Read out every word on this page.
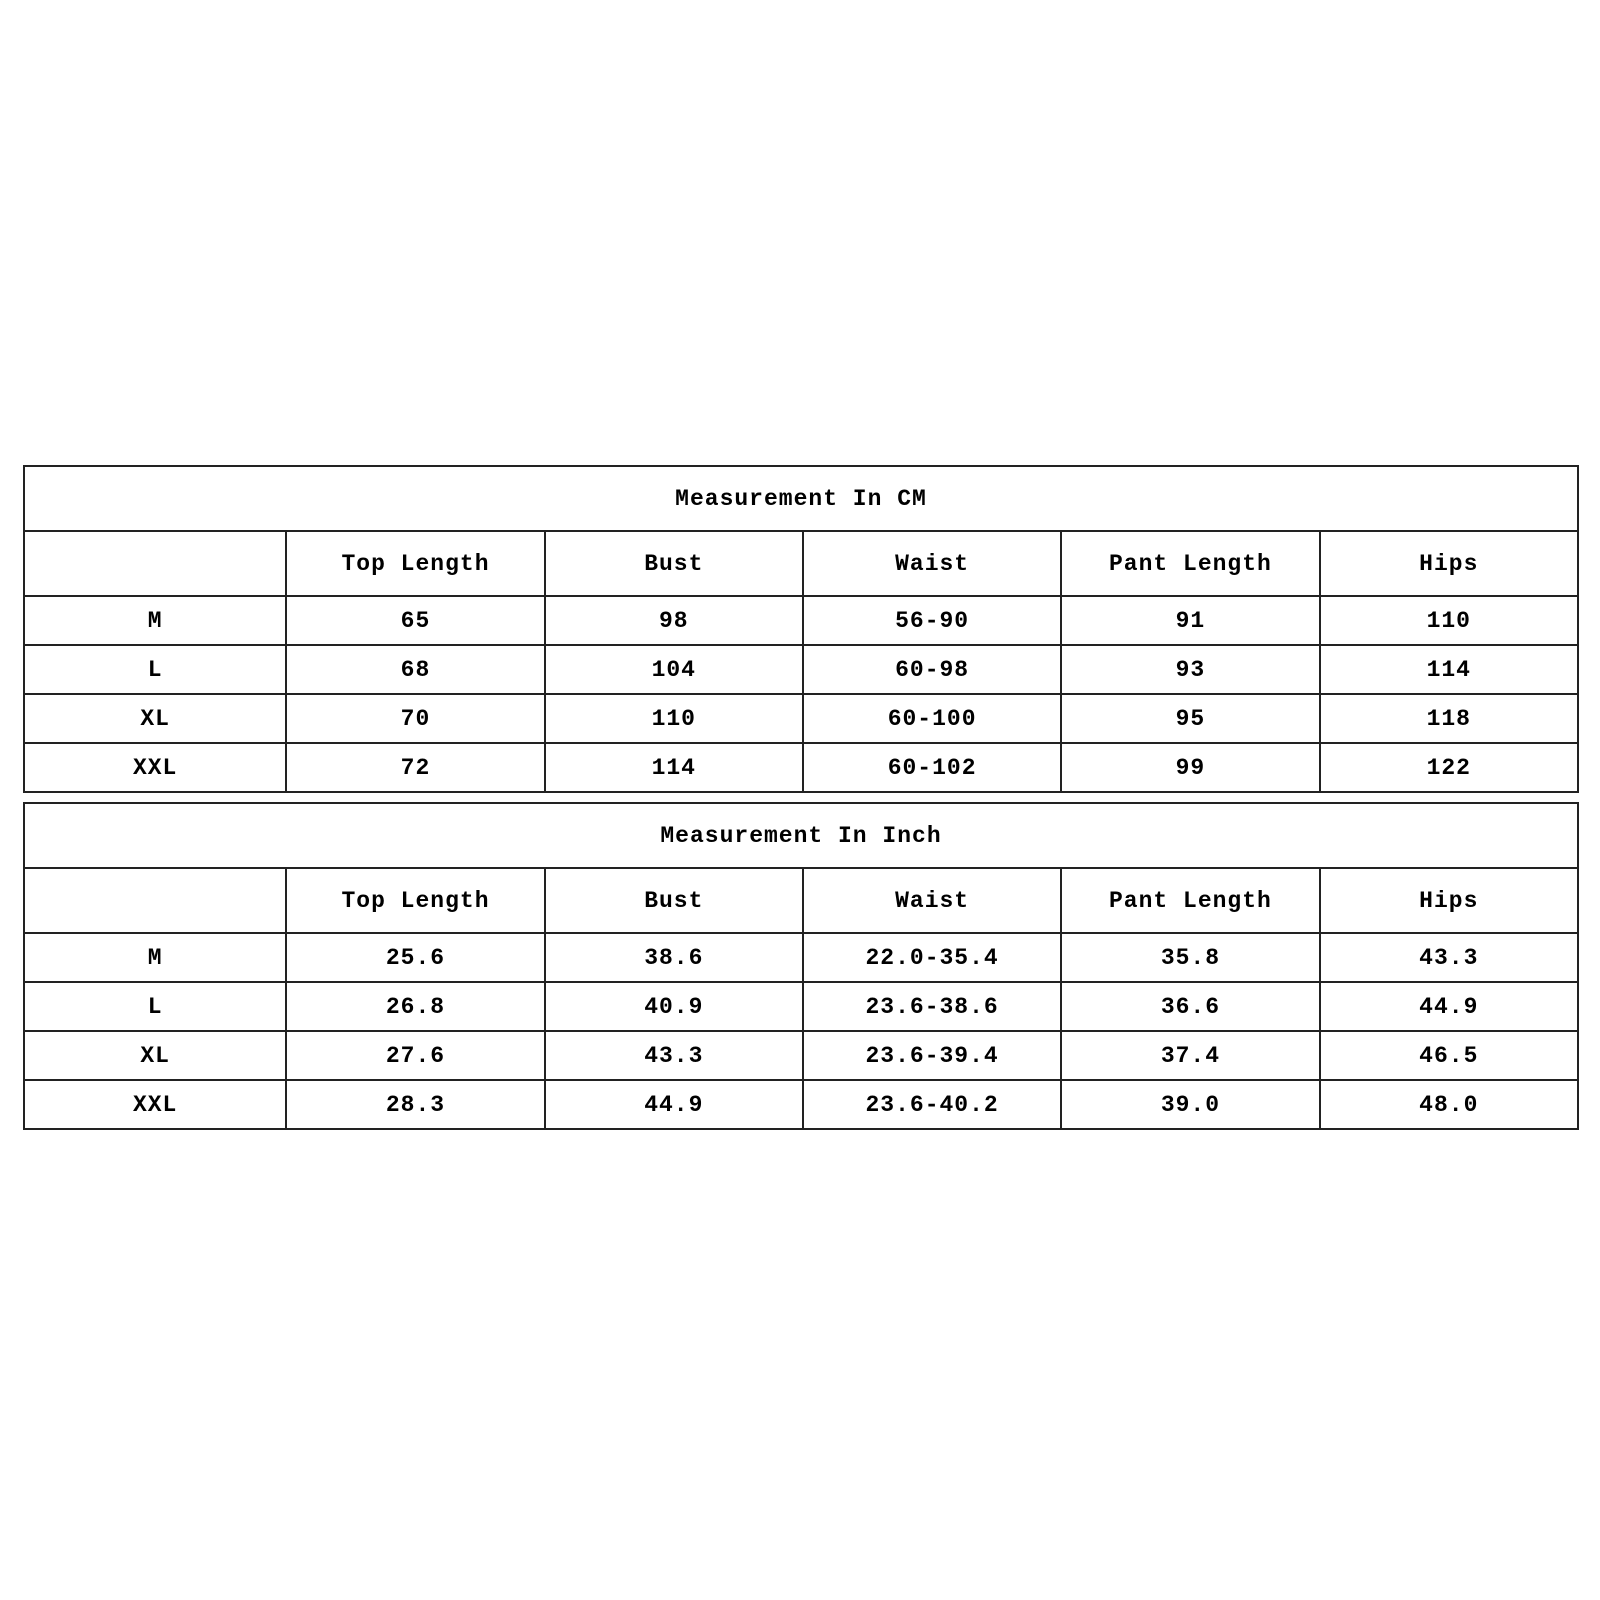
Measurement In CM					
	Top Length	Bust	Waist	Pant Length	Hips
M	65	98	56-90	91	110
L	68	104	60-98	93	114
XL	70	110	60-100	95	118
XXL	72	114	60-102	99	122
Measurement In Inch					
	Top Length	Bust	Waist	Pant Length	Hips
M	25.6	38.6	22.0-35.4	35.8	43.3
L	26.8	40.9	23.6-38.6	36.6	44.9
XL	27.6	43.3	23.6-39.4	37.4	46.5
XXL	28.3	44.9	23.6-40.2	39.0	48.0
